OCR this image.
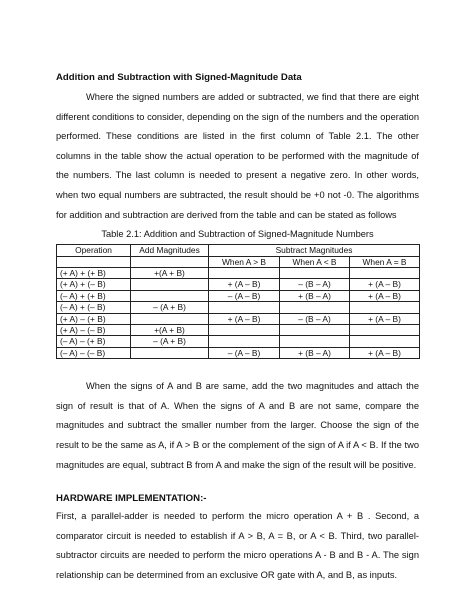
Addition and Subtraction with Signed-Magnitude Data

Where the signed numbers are added or subtracted, we find that there are eight different conditions to consider, depending on the sign of the numbers and the operation performed. These conditions are listed in the first column of Table 2.1. The other columns in the table show the actual operation to be performed with the magnitude of the numbers. The last column is needed to present a negative zero. In other words, when two equal numbers are subtracted, the result should be +0 not -0. The algorithms for addition and subtraction are derived from the table and can be stated as follows

Table 2.1: Addition and Subtraction of Signed-Magnitude Numbers
Operation	Add Magnitudes	Subtract Magnitudes		
		When A > B	When A < B	When A = B
(+ A) + (+ B)	+(A + B)			
(+ A) + (– B)		+ (A – B)	– (B – A)	+ (A – B)
(– A) + (+ B)		– (A – B)	+ (B – A)	+ (A – B)
(– A) + (– B)	– (A + B)			
(+ A) – (+ B)		+ (A – B)	– (B – A)	+ (A – B)
(+ A) – (– B)	+(A + B)			
(– A) – (+ B)	– (A + B)			
(– A) – (– B)		– (A – B)	+ (B – A)	+ (A – B)

When the signs of A and B are same, add the two magnitudes and attach the sign of result is that of A. When the signs of A and B are not same, compare the magnitudes and subtract the smaller number from the larger. Choose the sign of the result to be the same as A, if A > B or the complement of the sign of A if A < B. If the two magnitudes are equal, subtract B from A and make the sign of the result will be positive.

HARDWARE IMPLEMENTATION:-

First, a parallel-adder is needed to perform the micro operation A + B . Second, a comparator circuit is needed to establish if A > B, A = B, or A < B. Third, two parallel-subtractor circuits are needed to perform the micro operations A - B and B - A. The sign relationship can be determined from an exclusive OR gate with A, and B, as inputs.
